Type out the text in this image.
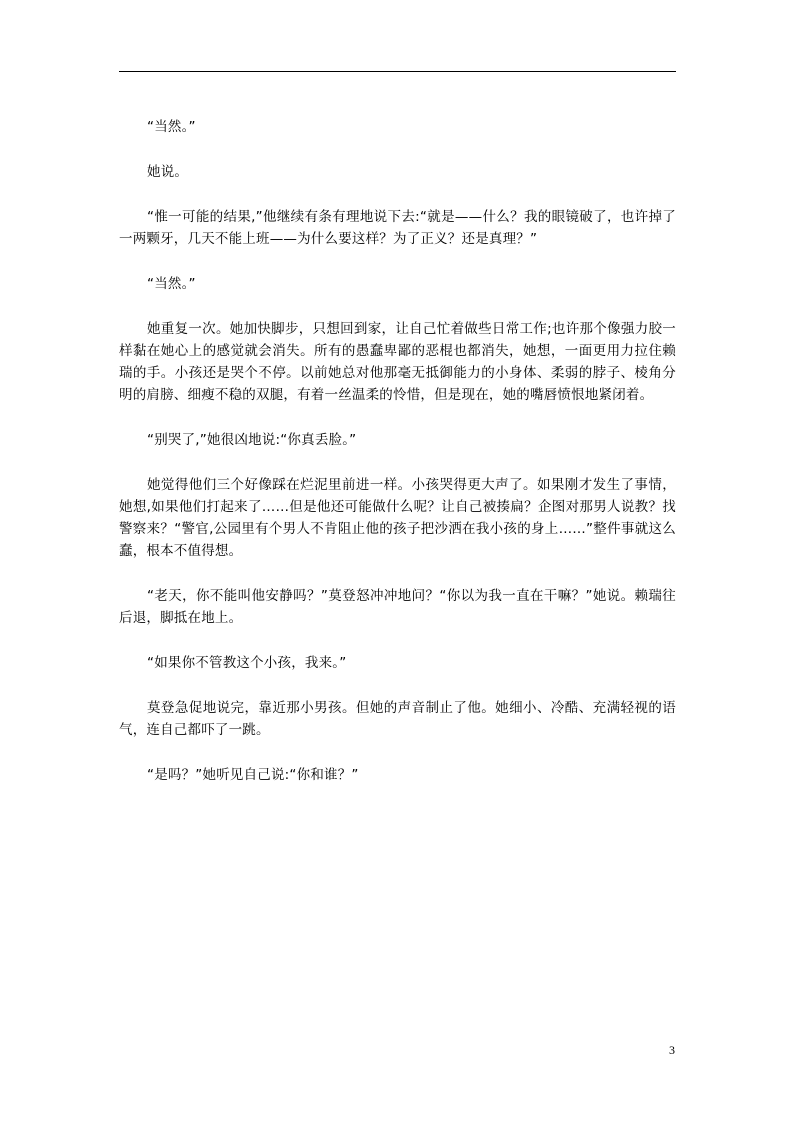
“当然。”

她说。

“惟一可能的结果,”他继续有条有理地说下去:“就是——什么？我的眼镜破了，也许掉了一两颗牙，几天不能上班——为什么要这样？为了正义？还是真理？”

“当然。”

她重复一次。她加快脚步，只想回到家，让自己忙着做些日常工作;也许那个像强力胶一样黏在她心上的感觉就会消失。所有的愚蠢卑鄙的恶棍也都消失，她想，一面更用力拉住赖瑞的手。小孩还是哭个不停。以前她总对他那毫无抵御能力的小身体、柔弱的脖子、棱角分明的肩膀、细瘦不稳的双腿，有着一丝温柔的怜惜，但是现在，她的嘴唇愤恨地紧闭着。

“别哭了,”她很凶地说:“你真丢脸。”

她觉得他们三个好像踩在烂泥里前进一样。小孩哭得更大声了。如果刚才发生了事情，她想,如果他们打起来了……但是他还可能做什么呢？让自己被揍扁？企图对那男人说教？找警察来？“警官,公园里有个男人不肯阻止他的孩子把沙洒在我小孩的身上……”整件事就这么蠢，根本不值得想。

“老天，你不能叫他安静吗？”莫登怒冲冲地问？“你以为我一直在干嘛？”她说。赖瑞往后退，脚抵在地上。

“如果你不管教这个小孩，我来。”

莫登急促地说完，靠近那小男孩。但她的声音制止了他。她细小、冷酷、充满轻视的语气，连自己都吓了一跳。

“是吗？”她听见自己说:“你和谁？”

3
